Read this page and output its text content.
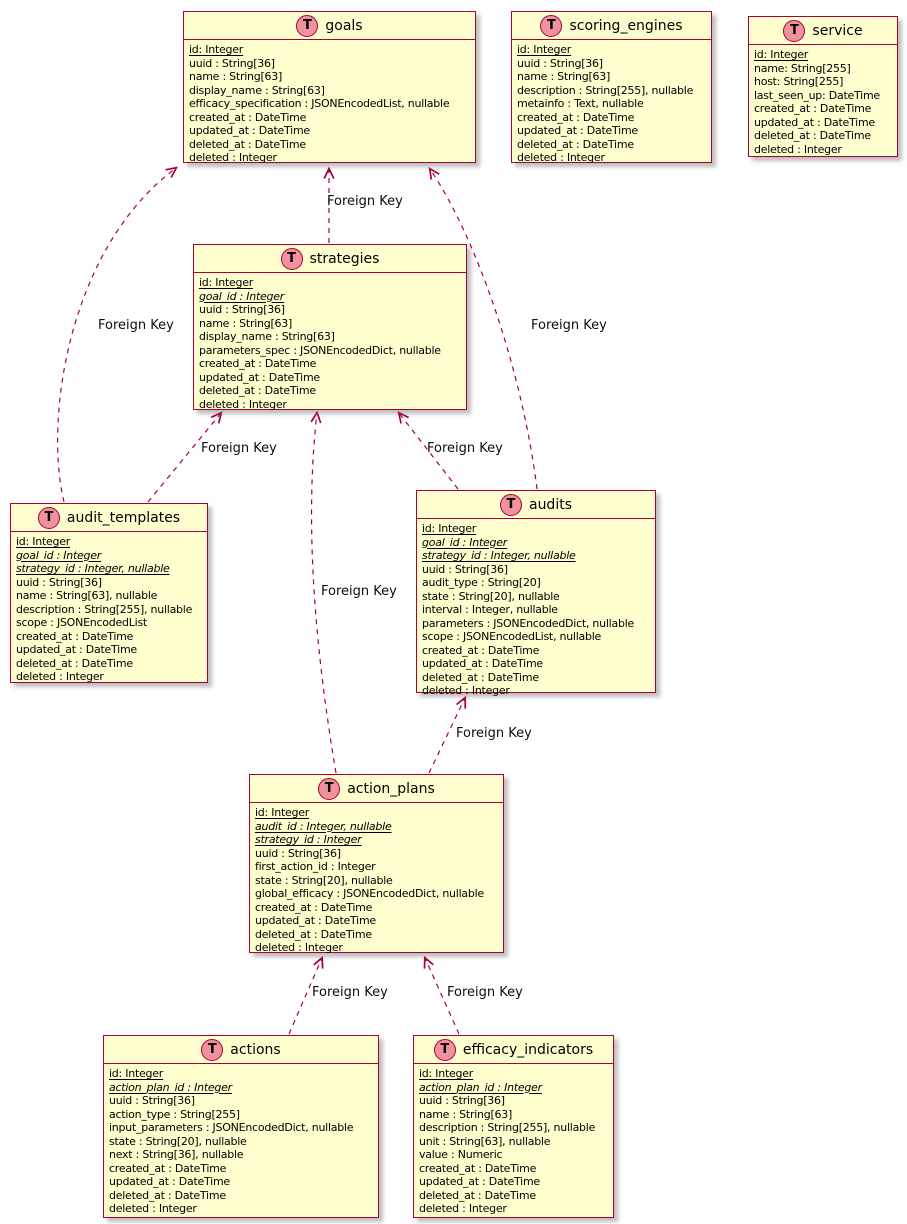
T goals
id: Integer
uuid : String[36]
name : String[63]
display_name : String[63]
efficacy_specification : JSONEncodedList, nullable
created_at : DateTime
updated_at : DateTime
deleted_at : DateTime
deleted : Integer
T scoring_engines
id: Integer
uuid : String[36]
name : String[63]
description : String[255], nullable
metainfo : Text, nullable
created_at : DateTime
updated_at : DateTime
deleted_at : DateTime
deleted : Integer
T service
id: Integer
name: String[255]
host: String[255]
last_seen_up: DateTime
created_at : DateTime
updated_at : DateTime
deleted_at : DateTime
deleted : Integer
T strategies
id: Integer
goal_id : Integer
uuid : String[36]
name : String[63]
display_name : String[63]
parameters_spec : JSONEncodedDict, nullable
created_at : DateTime
updated_at : DateTime
deleted_at : DateTime
deleted : Integer
T audit_templates
id: Integer
goal_id : Integer
strategy_id : Integer, nullable
uuid : String[36]
name : String[63], nullable
description : String[255], nullable
scope : JSONEncodedList
created_at : DateTime
updated_at : DateTime
deleted_at : DateTime
deleted : Integer
T audits
id: Integer
goal_id : Integer
strategy_id : Integer, nullable
uuid : String[36]
audit_type : String[20]
state : String[20], nullable
interval : Integer, nullable
parameters : JSONEncodedDict, nullable
scope : JSONEncodedList, nullable
created_at : DateTime
updated_at : DateTime
deleted_at : DateTime
deleted : Integer
T action_plans
id: Integer
audit_id : Integer, nullable
strategy_id : Integer
uuid : String[36]
first_action_id : Integer
state : String[20], nullable
global_efficacy : JSONEncodedDict, nullable
created_at : DateTime
updated_at : DateTime
deleted_at : DateTime
deleted : Integer
T actions
id: Integer
action_plan_id : Integer
uuid : String[36]
action_type : String[255]
input_parameters : JSONEncodedDict, nullable
state : String[20], nullable
next : String[36], nullable
created_at : DateTime
updated_at : DateTime
deleted_at : DateTime
deleted : Integer
T efficacy_indicators
id: Integer
action_plan_id : Integer
uuid : String[36]
name : String[63]
description : String[255], nullable
unit : String[63], nullable
value : Numeric
created_at : DateTime
updated_at : DateTime
deleted_at : DateTime
deleted : Integer
Foreign Key
Foreign Key	Foreign Key
Foreign Key	Foreign Key
Foreign Key
Foreign Key
Foreign Key	Foreign Key
